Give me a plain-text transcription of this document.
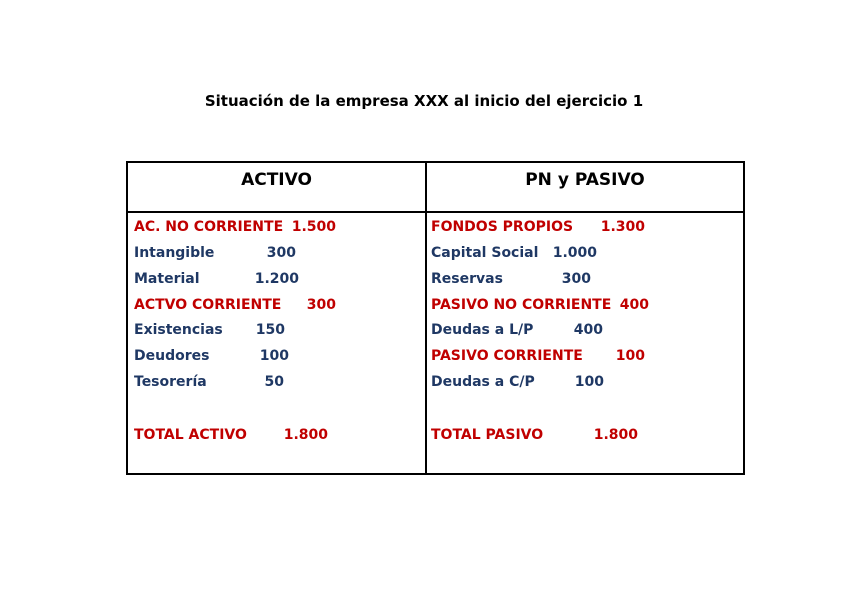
Situación de la empresa XXX al inicio del ejercicio 1
ACTIVO	PN y PASIVO
AC. NO CORRIENTE 1.500
Intangible	300
Material	1.200
ACTVO CORRIENTE	300
Existencias	150
Deudores	100
Tesorería	50
TOTAL ACTIVO	1.800
FONDOS PROPIOS	1.300
Capital Social	1.000
Reservas	300
PASIVO NO CORRIENTE 400
Deudas a L/P	400
PASIVO CORRIENTE	100
Deudas a C/P	100
TOTAL PASIVO	1.800
